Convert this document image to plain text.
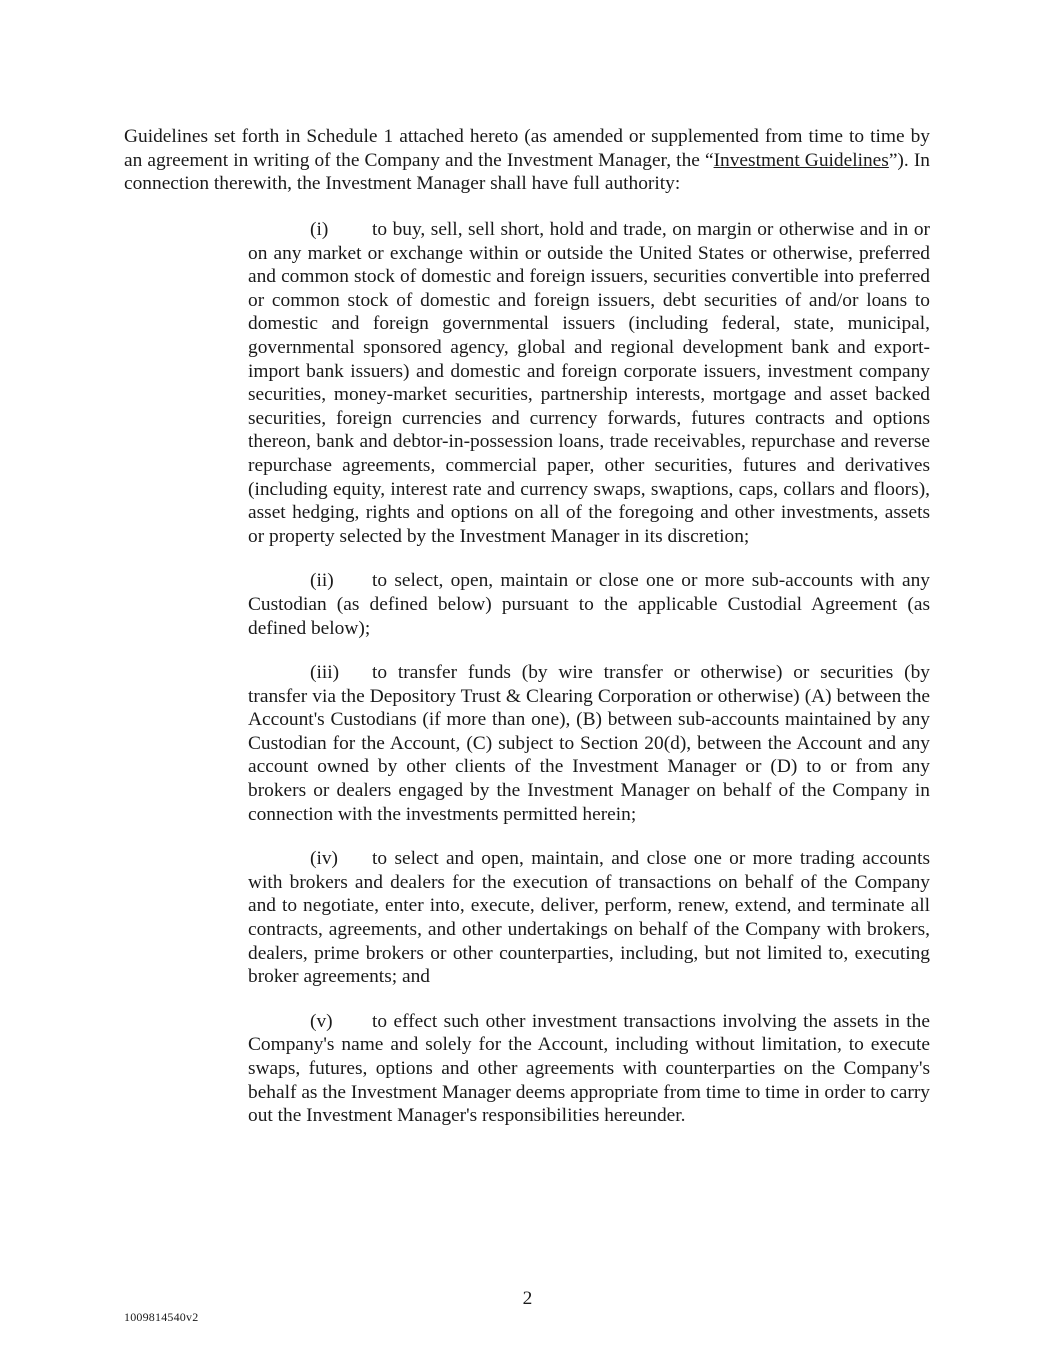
Guidelines set forth in Schedule 1 attached hereto (as amended or supplemented from time to time by an agreement in writing of the Company and the Investment Manager, the “Investment Guidelines”). In connection therewith, the Investment Manager shall have full authority:

(i) to buy, sell, sell short, hold and trade, on margin or otherwise and in or on any market or exchange within or outside the United States or otherwise, preferred and common stock of domestic and foreign issuers, securities convertible into preferred or common stock of domestic and foreign issuers, debt securities of and/or loans to domestic and foreign governmental issuers (including federal, state, municipal, governmental sponsored agency, global and regional development bank and export-import bank issuers) and domestic and foreign corporate issuers, investment company securities, money-market securities, partnership interests, mortgage and asset backed securities, foreign currencies and currency forwards, futures contracts and options thereon, bank and debtor-in-possession loans, trade receivables, repurchase and reverse repurchase agreements, commercial paper, other securities, futures and derivatives (including equity, interest rate and currency swaps, swaptions, caps, collars and floors), asset hedging, rights and options on all of the foregoing and other investments, assets or property selected by the Investment Manager in its discretion;

(ii) to select, open, maintain or close one or more sub-accounts with any Custodian (as defined below) pursuant to the applicable Custodial Agreement (as defined below);

(iii) to transfer funds (by wire transfer or otherwise) or securities (by transfer via the Depository Trust & Clearing Corporation or otherwise) (A) between the Account's Custodians (if more than one), (B) between sub-accounts maintained by any Custodian for the Account, (C) subject to Section 20(d), between the Account and any account owned by other clients of the Investment Manager or (D) to or from any brokers or dealers engaged by the Investment Manager on behalf of the Company in connection with the investments permitted herein;

(iv) to select and open, maintain, and close one or more trading accounts with brokers and dealers for the execution of transactions on behalf of the Company and to negotiate, enter into, execute, deliver, perform, renew, extend, and terminate all contracts, agreements, and other undertakings on behalf of the Company with brokers, dealers, prime brokers or other counterparties, including, but not limited to, executing broker agreements; and

(v) to effect such other investment transactions involving the assets in the Company's name and solely for the Account, including without limitation, to execute swaps, futures, options and other agreements with counterparties on the Company's behalf as the Investment Manager deems appropriate from time to time in order to carry out the Investment Manager's responsibilities hereunder.

2
1009814540v2
